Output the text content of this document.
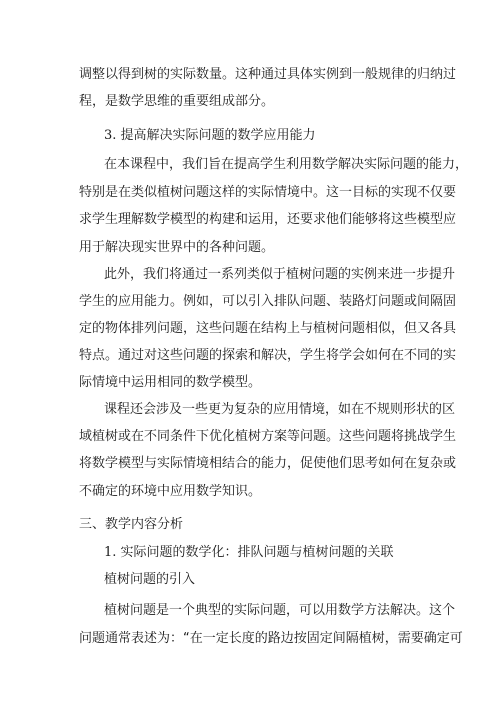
调整以得到树的实际数量。这种通过具体实例到一般规律的归纳过
程，是数学思维的重要组成部分。
3. 提高解决实际问题的数学应用能力
在本课程中，我们旨在提高学生利用数学解决实际问题的能力，
特别是在类似植树问题这样的实际情境中。这一目标的实现不仅要
求学生理解数学模型的构建和运用，还要求他们能够将这些模型应
用于解决现实世界中的各种问题。
此外，我们将通过一系列类似于植树问题的实例来进一步提升
学生的应用能力。例如，可以引入排队问题、装路灯问题或间隔固
定的物体排列问题，这些问题在结构上与植树问题相似，但又各具
特点。通过对这些问题的探索和解决，学生将学会如何在不同的实
际情境中运用相同的数学模型。
课程还会涉及一些更为复杂的应用情境，如在不规则形状的区
域植树或在不同条件下优化植树方案等问题。这些问题将挑战学生
将数学模型与实际情境相结合的能力，促使他们思考如何在复杂或
不确定的环境中应用数学知识。
三、教学内容分析
1. 实际问题的数学化：排队问题与植树问题的关联
植树问题的引入
植树问题是一个典型的实际问题，可以用数学方法解决。这个
问题通常表述为：“在一定长度的路边按固定间隔植树，需要确定可
